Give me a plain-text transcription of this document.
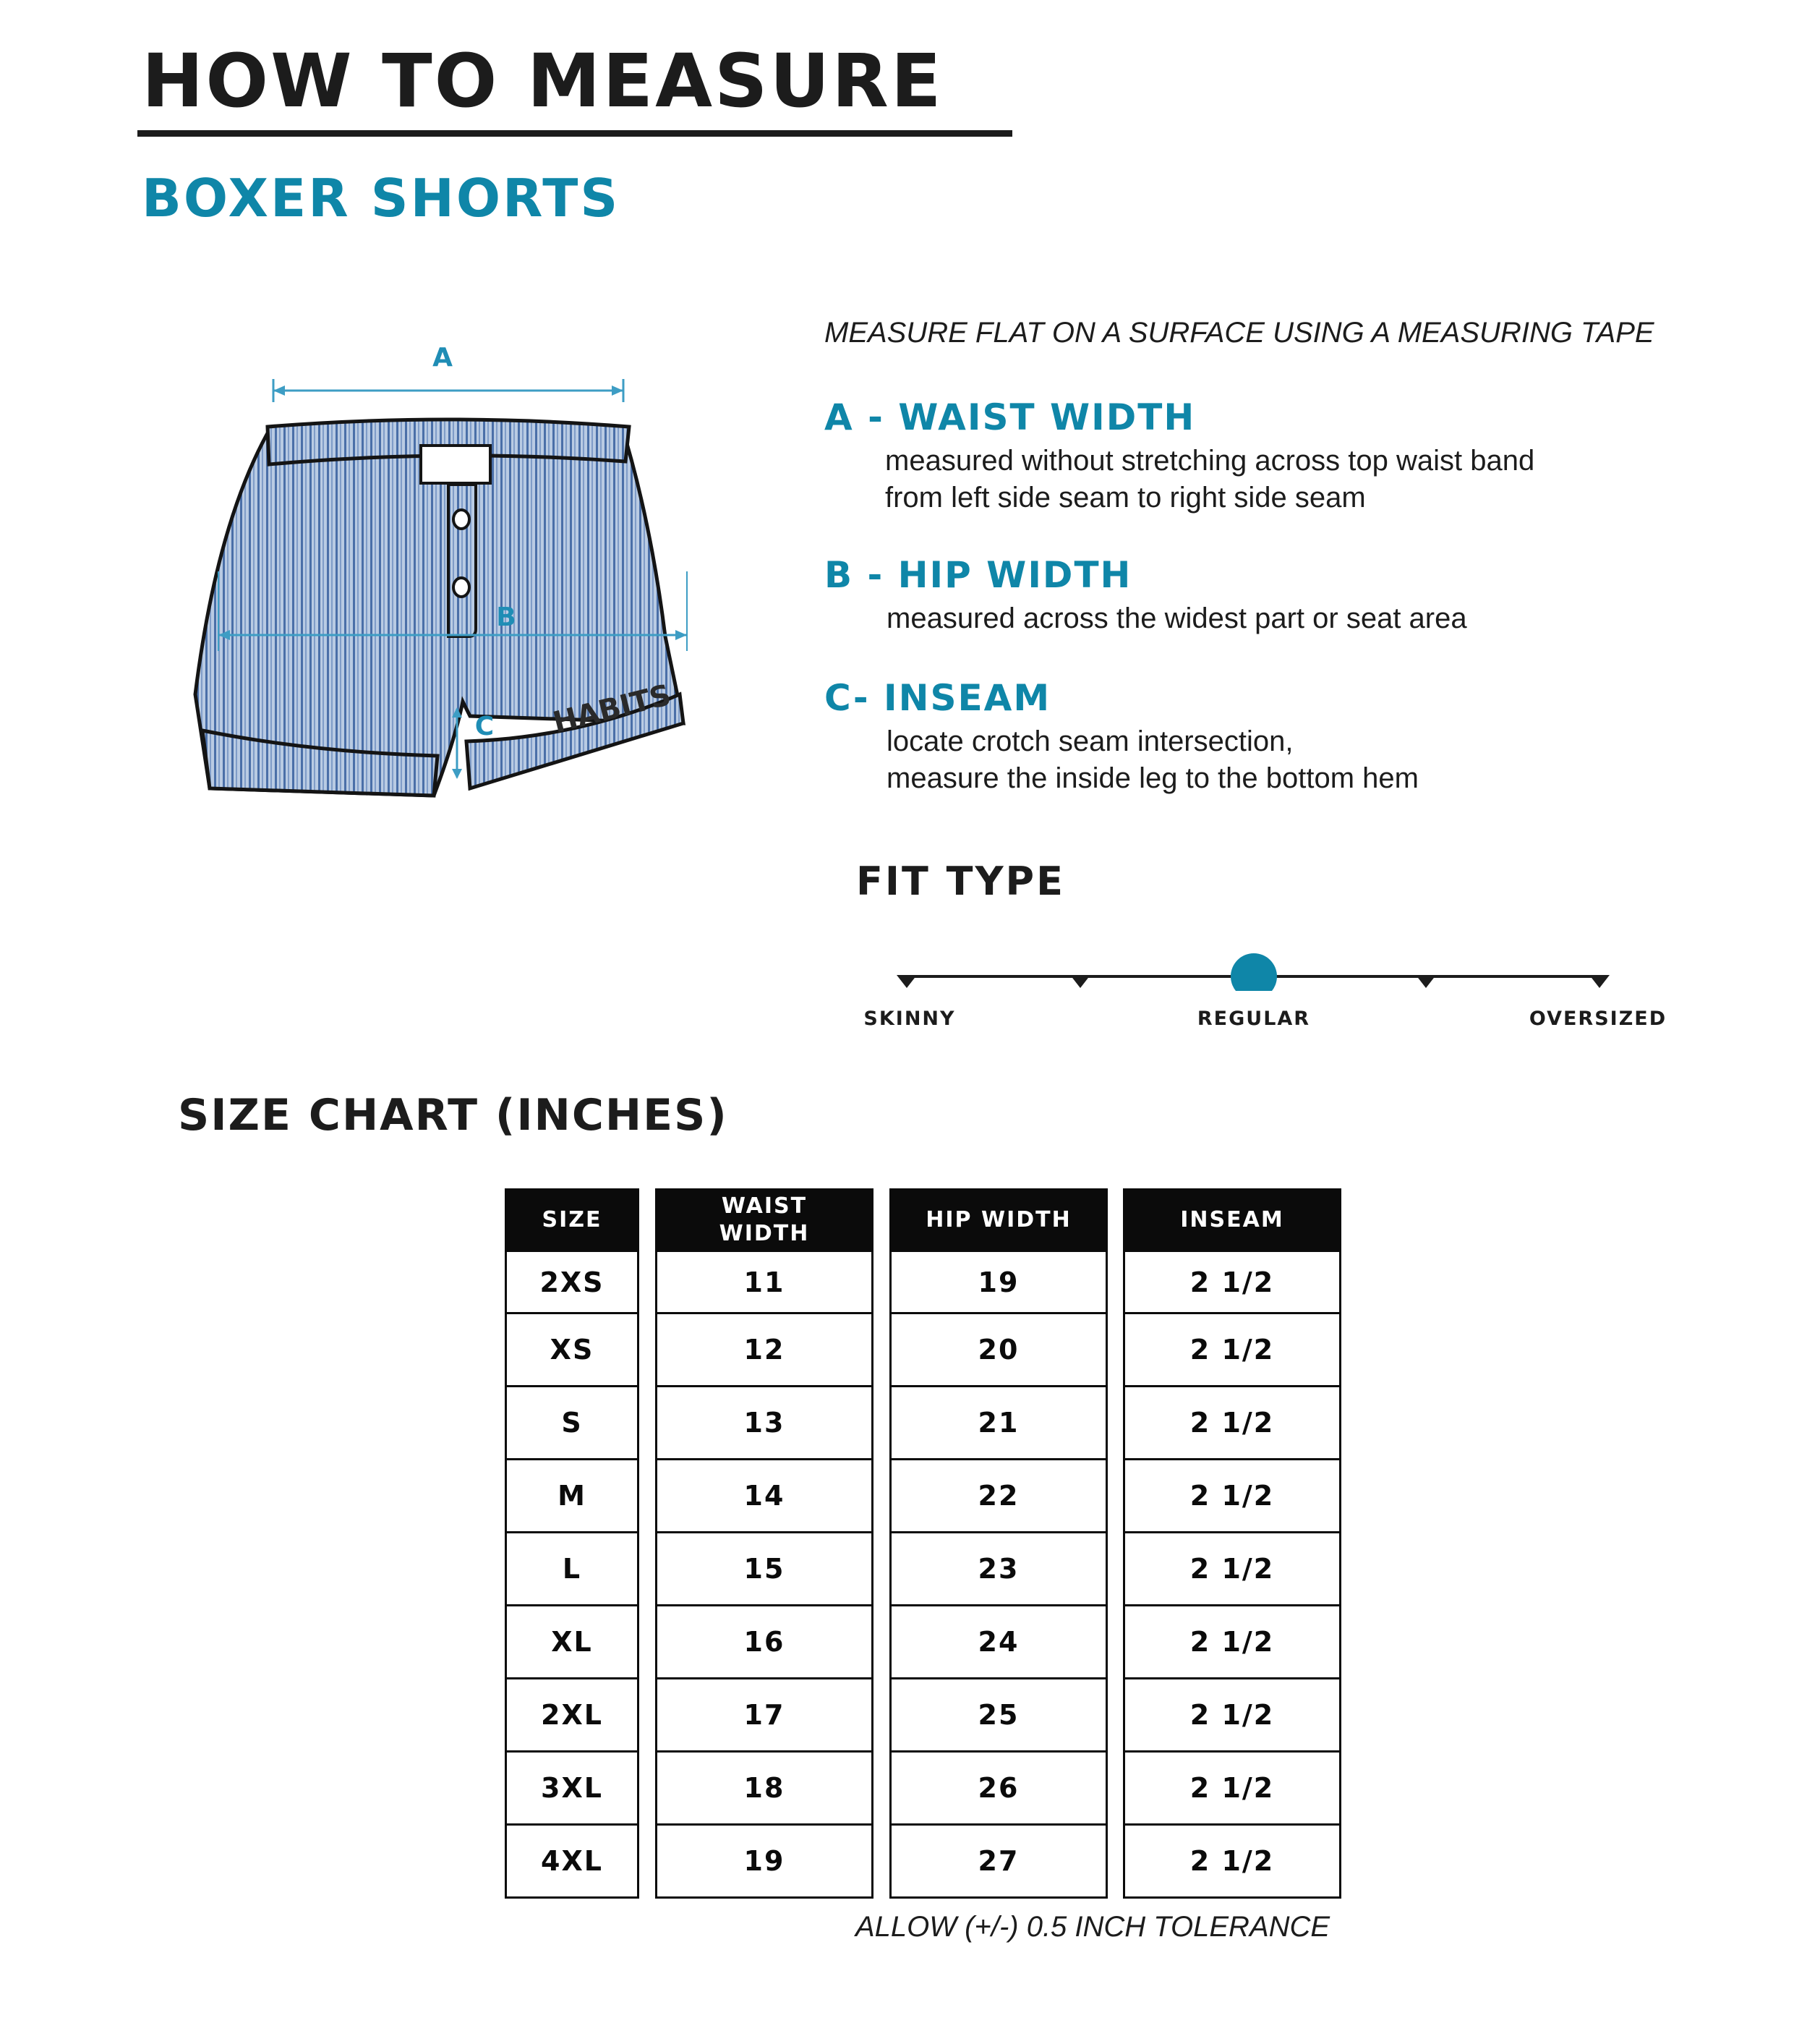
HOW TO MEASURE
BOXER SHORTS
HABITS
A
B
C
MEASURE FLAT ON A SURFACE USING A MEASURING TAPE
A - WAIST WIDTH
measured without stretching across top waist band
from left side seam to right side seam
B - HIP WIDTH
measured across the widest part or seat area
C- INSEAM
locate crotch seam intersection,
measure the inside leg to the bottom hem
FIT TYPE
SKINNY	REGULAR	OVERSIZED
SIZE CHART (INCHES)
SIZE
2XS
XS
S
M
L
XL
2XL
3XL
4XL
WAIST WIDTH
11
12
13
14
15
16
17
18
19
HIP WIDTH
19
20
21
22
23
24
25
26
27
INSEAM
2 1/2
2 1/2
2 1/2
2 1/2
2 1/2
2 1/2
2 1/2
2 1/2
2 1/2
ALLOW (+/-) 0.5 INCH TOLERANCE
